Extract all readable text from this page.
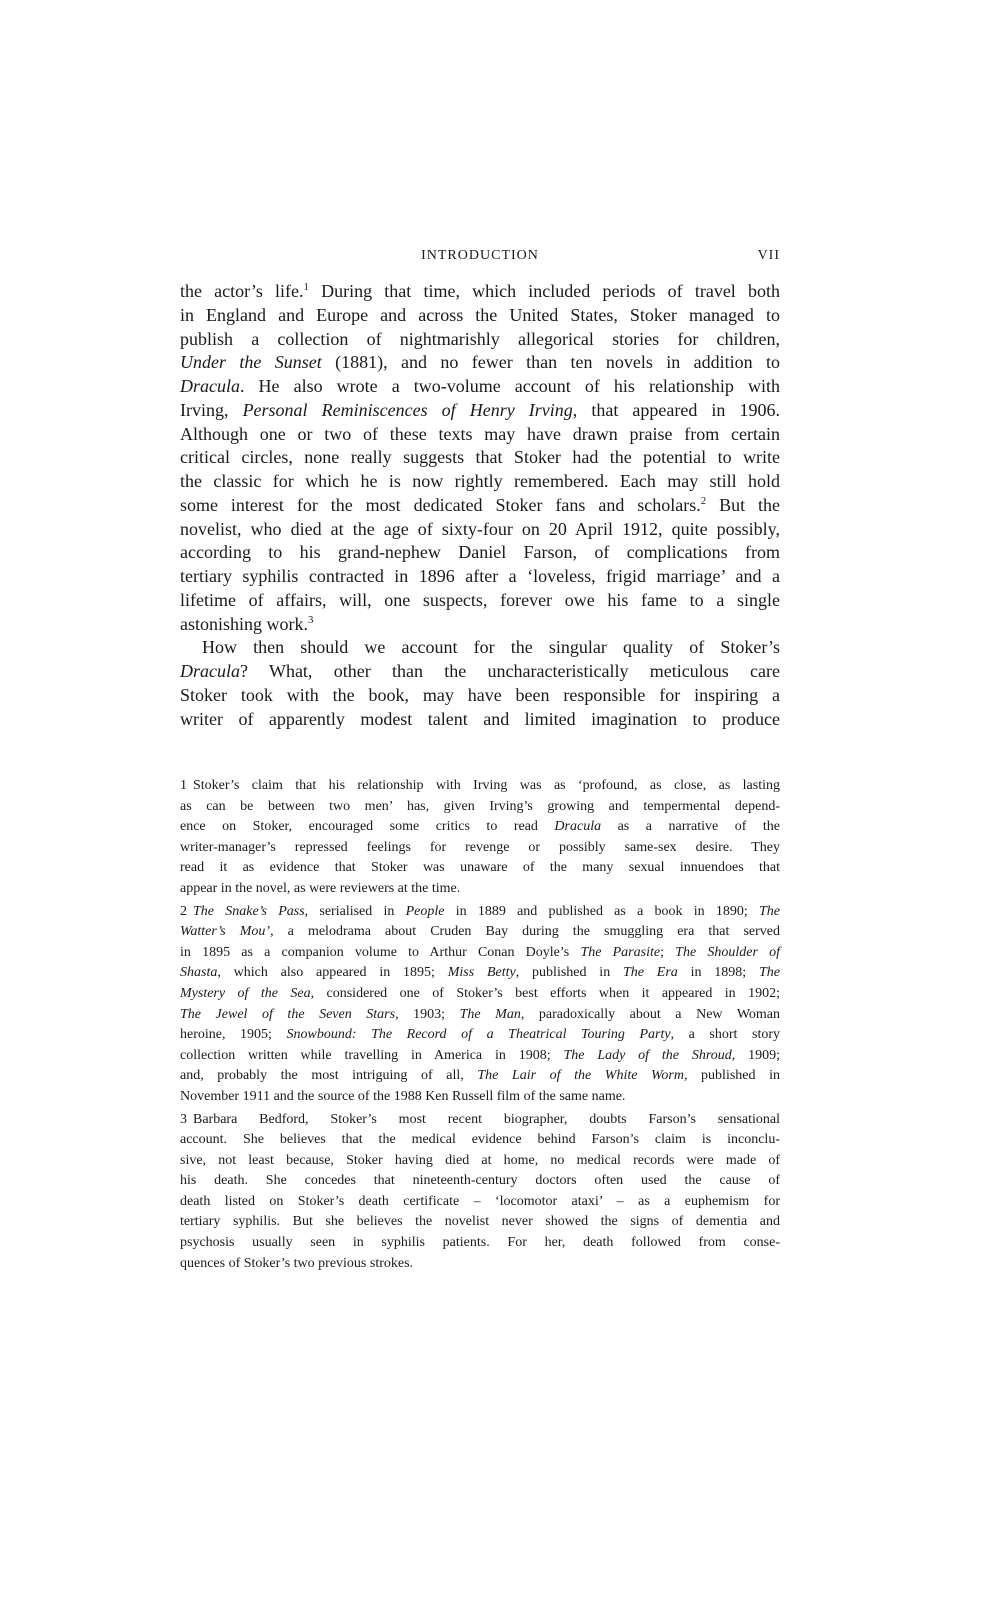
INTRODUCTION	VII
the actor’s life.$^1$ During that time, which included periods of travel both
in England and Europe and across the United States, Stoker managed to
publish a collection of nightmarishly allegorical stories for children,
Under the Sunset (1881), and no fewer than ten novels in addition to
Dracula. He also wrote a two-volume account of his relationship with
Irving, Personal Reminiscences of Henry Irving, that appeared in 1906.
Although one or two of these texts may have drawn praise from certain
critical circles, none really suggests that Stoker had the potential to write
the classic for which he is now rightly remembered. Each may still hold
some interest for the most dedicated Stoker fans and scholars.$^2$ But the
novelist, who died at the age of sixty-four on 20 April 1912, quite possibly,
according to his grand-nephew Daniel Farson, of complications from
tertiary syphilis contracted in 1896 after a ‘loveless, frigid marriage’ and a
lifetime of affairs, will, one suspects, forever owe his fame to a single
astonishing work.$^3$
How then should we account for the singular quality of Stoker’s
Dracula? What, other than the uncharacteristically meticulous care
Stoker took with the book, may have been responsible for inspiring a
writer of apparently modest talent and limited imagination to produce
1 Stoker’s claim that his relationship with Irving was as ‘profound, as close, as lasting
as can be between two men’ has, given Irving’s growing and tempermental depend-
ence on Stoker, encouraged some critics to read Dracula as a narrative of the
writer-manager’s repressed feelings for revenge or possibly same-sex desire. They
read it as evidence that Stoker was unaware of the many sexual innuendoes that
appear in the novel, as were reviewers at the time.
2 The Snake’s Pass, serialised in People in 1889 and published as a book in 1890; The
Watter’s Mou’, a melodrama about Cruden Bay during the smuggling era that served
in 1895 as a companion volume to Arthur Conan Doyle’s The Parasite; The Shoulder of
Shasta, which also appeared in 1895; Miss Betty, published in The Era in 1898; The
Mystery of the Sea, considered one of Stoker’s best efforts when it appeared in 1902;
The Jewel of the Seven Stars, 1903; The Man, paradoxically about a New Woman
heroine, 1905; Snowbound: The Record of a Theatrical Touring Party, a short story
collection written while travelling in America in 1908; The Lady of the Shroud, 1909;
and, probably the most intriguing of all, The Lair of the White Worm, published in
November 1911 and the source of the 1988 Ken Russell film of the same name.
3 Barbara Bedford, Stoker’s most recent biographer, doubts Farson’s sensational
account. She believes that the medical evidence behind Farson’s claim is inconclu-
sive, not least because, Stoker having died at home, no medical records were made of
his death. She concedes that nineteenth-century doctors often used the cause of
death listed on Stoker’s death certificate – ‘locomotor ataxi’ – as a euphemism for
tertiary syphilis. But she believes the novelist never showed the signs of dementia and
psychosis usually seen in syphilis patients. For her, death followed from conse-
quences of Stoker’s two previous strokes.
